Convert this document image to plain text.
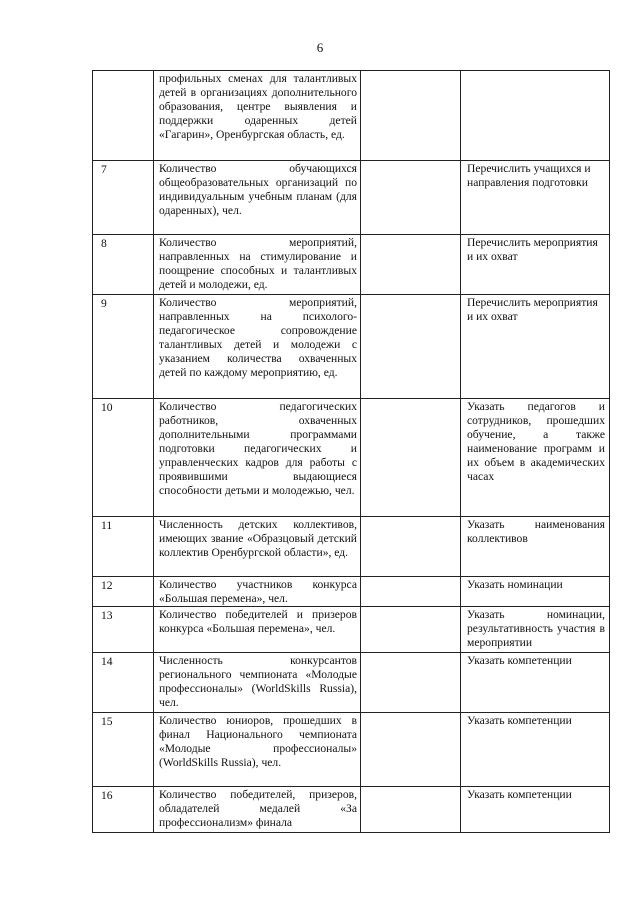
6

	профильных сменах для талантливых детей в организациях дополнительного образования, центре выявления и поддержки одаренных детей «Гагарин», Оренбургская область, ед.		

7	Количество обучающихся общеобразовательных организаций по индивидуальным учебным планам (для одаренных), чел.		Перечислить учащихся и направления подготовки

8	Количество мероприятий, направленных на стимулирование и поощрение способных и талантливых детей и молодежи, ед.		Перечислить мероприятия и их охват

9	Количество мероприятий, направленных на психолого-педагогическое сопровождение талантливых детей и молодежи с указанием количества охваченных детей по каждому мероприятию, ед.		Перечислить мероприятия и их охват

10	Количество педагогических работников, охваченных дополнительными программами подготовки педагогических и управленческих кадров для работы с проявившими выдающиеся способности детьми и молодежью, чел.		Указать педагогов и сотрудников, прошедших обучение, а также наименование программ и их объем в академических часах

11	Численность детских коллективов, имеющих звание «Образцовый детский коллектив Оренбургской области», ед.		Указать наименования коллективов

12	Количество участников конкурса «Большая перемена», чел.		Указать номинации

13	Количество победителей и призеров конкурса «Большая перемена», чел.		Указать номинации, результативность участия в мероприятии

14	Численность конкурсантов регионального чемпионата «Молодые профессионалы» (WorldSkills Russia), чел.		Указать компетенции

15	Количество юниоров, прошедших в финал Национального чемпионата «Молодые профессионалы» (WorldSkills Russia), чел.		Указать компетенции

16	Количество победителей, призеров, обладателей медалей «За профессионализм» финала		Указать компетенции
